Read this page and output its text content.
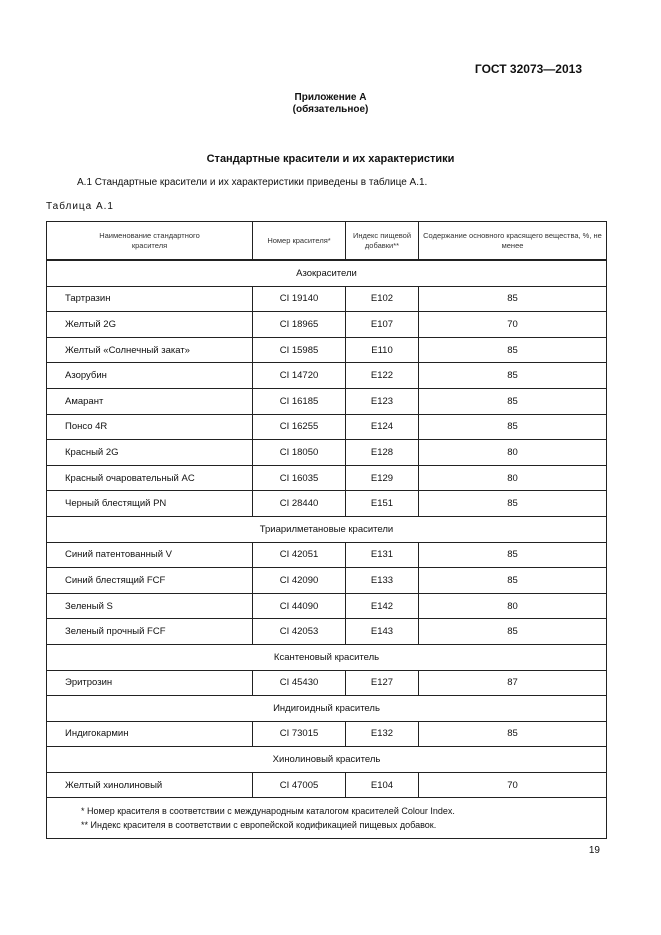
ГОСТ 32073—2013
Приложение А
(обязательное)
Стандартные красители и их характеристики
А.1 Стандартные красители и их характеристики приведены в таблице А.1.
Таблица А.1
Наименование стандартного красителя	Номер красителя*	Индекс пищевой добавки**	Содержание основного красящего вещества, %, не менее
Азокрасители			
Тартразин	CI 19140	E102	85
Желтый 2G	CI 18965	E107	70
Желтый «Солнечный закат»	CI 15985	E110	85
Азорубин	CI 14720	E122	85
Амарант	CI 16185	E123	85
Понсо 4R	CI 16255	E124	85
Красный 2G	CI 18050	E128	80
Красный очаровательный AC	CI 16035	E129	80
Черный блестящий PN	CI 28440	E151	85
Триарилметановые красители			
Синий патентованный V	CI 42051	E131	85
Синий блестящий FCF	CI 42090	E133	85
Зеленый S	CI 44090	E142	80
Зеленый прочный FCF	CI 42053	E143	85
Ксантеновый краситель			
Эритрозин	CI 45430	E127	87
Индигоидный краситель			
Индигокармин	CI 73015	E132	85
Хинолиновый краситель			
Желтый хинолиновый	CI 47005	E104	70

* Номер красителя в соответствии с международным каталогом красителей Colour Index.
** Индекс красителя в соответствии с европейской кодификацией пищевых добавок.			
19
